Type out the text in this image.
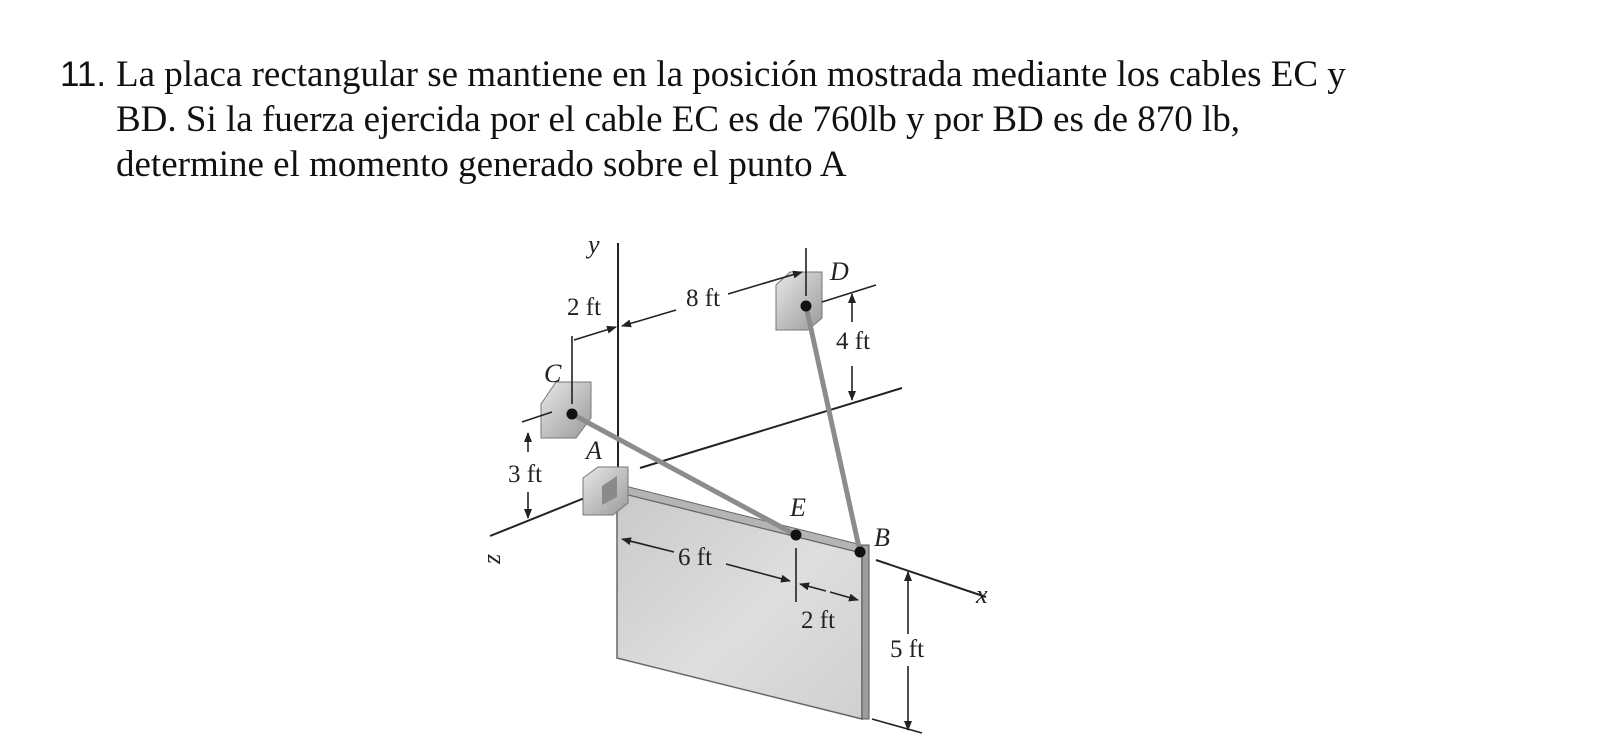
11. La placa rectangular se mantiene en la posición mostrada mediante los cables EC y
BD. Si la fuerza ejercida por el cable EC es de 760lb y por BD es de 870 lb,
determine el momento generado sobre el punto A
y
z
x
C
A
D
E
B
2 ft	8 ft
4 ft
3 ft
6 ft
2 ft
5 ft
